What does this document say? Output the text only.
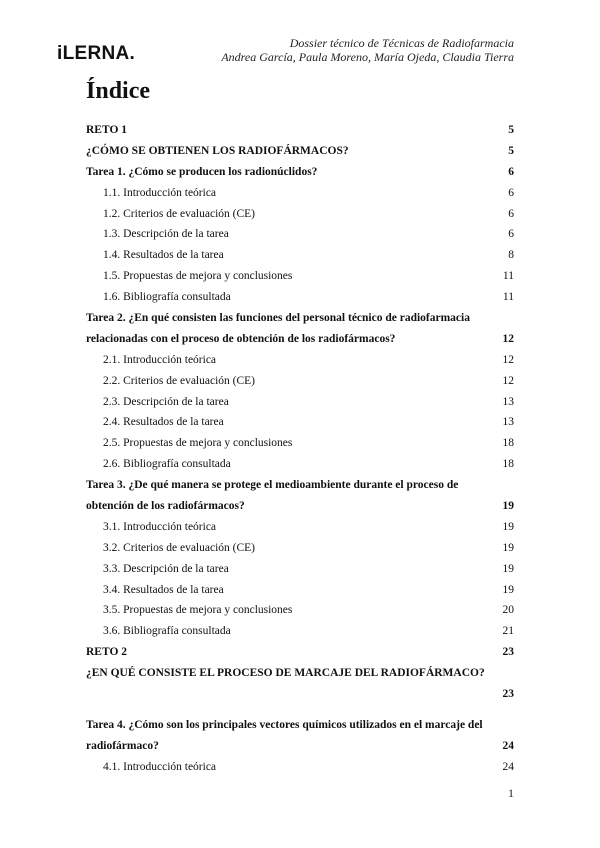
iLERNA.	Dossier técnico de Técnicas de Radiofarmacia
Andrea García, Paula Moreno, María Ojeda, Claudia Tierra
Índice
RETO 1	5
¿CÓMO SE OBTIENEN LOS RADIOFÁRMACOS?	5
Tarea 1. ¿Cómo se producen los radionúclidos?	6
1.1. Introducción teórica	6
1.2. Criterios de evaluación (CE)	6
1.3. Descripción de la tarea	6
1.4. Resultados de la tarea	8
1.5. Propuestas de mejora y conclusiones	11
1.6. Bibliografía consultada	11
Tarea 2. ¿En qué consisten las funciones del personal técnico de radiofarmacia
relacionadas con el proceso de obtención de los radiofármacos?	12
2.1. Introducción teórica	12
2.2. Criterios de evaluación (CE)	12
2.3. Descripción de la tarea	13
2.4. Resultados de la tarea	13
2.5. Propuestas de mejora y conclusiones	18
2.6. Bibliografía consultada	18
Tarea 3. ¿De qué manera se protege el medioambiente durante el proceso de
obtención de los radiofármacos?	19
3.1. Introducción teórica	19
3.2. Criterios de evaluación (CE)	19
3.3. Descripción de la tarea	19
3.4. Resultados de la tarea	19
3.5. Propuestas de mejora y conclusiones	20
3.6. Bibliografía consultada	21
RETO 2	23
¿EN QUÉ CONSISTE EL PROCESO DE MARCAJE DEL RADIOFÁRMACO?
23
Tarea 4. ¿Cómo son los principales vectores químicos utilizados en el marcaje del
radiofármaco?	24
4.1. Introducción teórica	24
1
